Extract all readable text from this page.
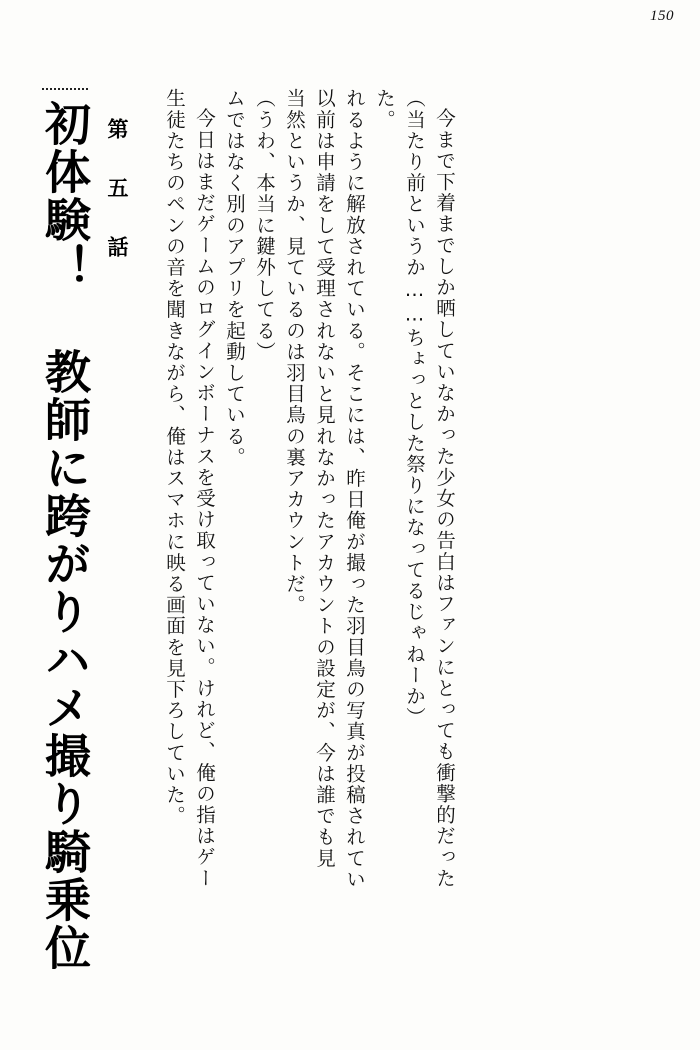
150
初体験！ 教師に跨がりハメ撮り騎乗位 第 五 話 生徒たちのペンの音を聞きながら、俺はスマホに映る画面を見下ろしていた。 今日はまだゲームのログインボーナスを受け取っていない。けれど、俺の指はゲー ムではなく別のアプリを起動している。 （うわ、本当に鍵外してる） 当然というか、見ているのは羽目鳥の裏アカウントだ。 以前は申請をして受理されないと見れなかったアカウントの設定が、今は誰でも見 れるように解放されている。そこには、昨日俺が撮った羽目鳥の写真が投稿されてい た。 （当たり前というか……ちょっとした祭りになってるじゃねーか） 今まで下着までしか晒していなかった少女の告白はファンにとっても衝撃的だった
